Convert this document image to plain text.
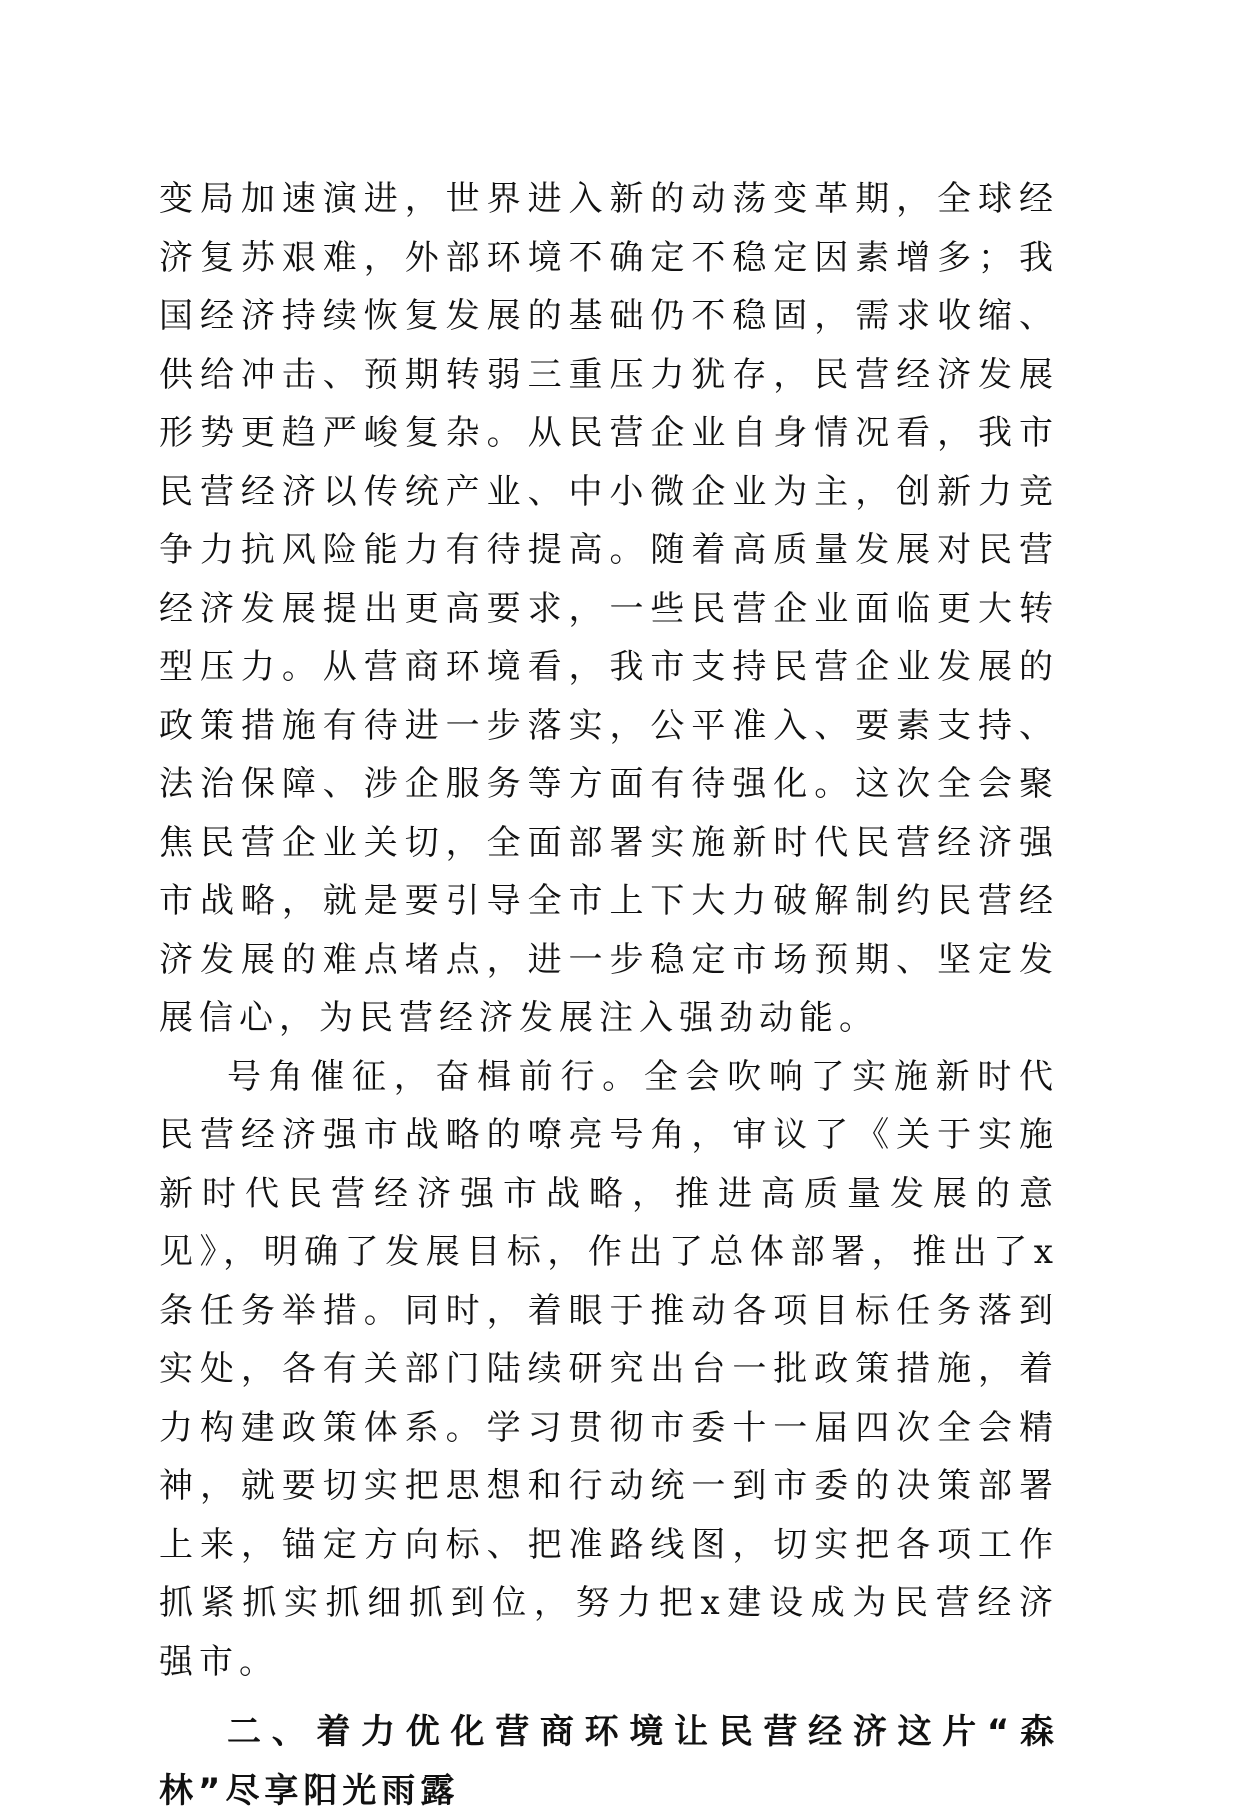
变局加速演进，世界进入新的动荡变革期，全球经济复苏艰难，外部环境不确定不稳定因素增多；我国经济持续恢复发展的基础仍不稳固，需求收缩、供给冲击、预期转弱三重压力犹存，民营经济发展形势更趋严峻复杂。从民营企业自身情况看，我市民营经济以传统产业、中小微企业为主，创新力竞争力抗风险能力有待提高。随着高质量发展对民营经济发展提出更高要求，一些民营企业面临更大转型压力。从营商环境看，我市支持民营企业发展的政策措施有待进一步落实，公平准入、要素支持、法治保障、涉企服务等方面有待强化。这次全会聚焦民营企业关切，全面部署实施新时代民营经济强市战略，就是要引导全市上下大力破解制约民营经济发展的难点堵点，进一步稳定市场预期、坚定发展信心，为民营经济发展注入强劲动能。

号角催征，奋楫前行。全会吹响了实施新时代民营经济强市战略的嘹亮号角，审议了《关于实施新时代民营经济强市战略，推进高质量发展的意见》，明确了发展目标，作出了总体部署，推出了x条任务举措。同时，着眼于推动各项目标任务落到实处，各有关部门陆续研究出台一批政策措施，着力构建政策体系。学习贯彻市委十一届四次全会精神，就要切实把思想和行动统一到市委的决策部署上来，锚定方向标、把准路线图，切实把各项工作抓紧抓实抓细抓到位，努力把x建设成为民营经济强市。

二、着力优化营商环境让民营经济这片“森林”尽享阳光雨露
